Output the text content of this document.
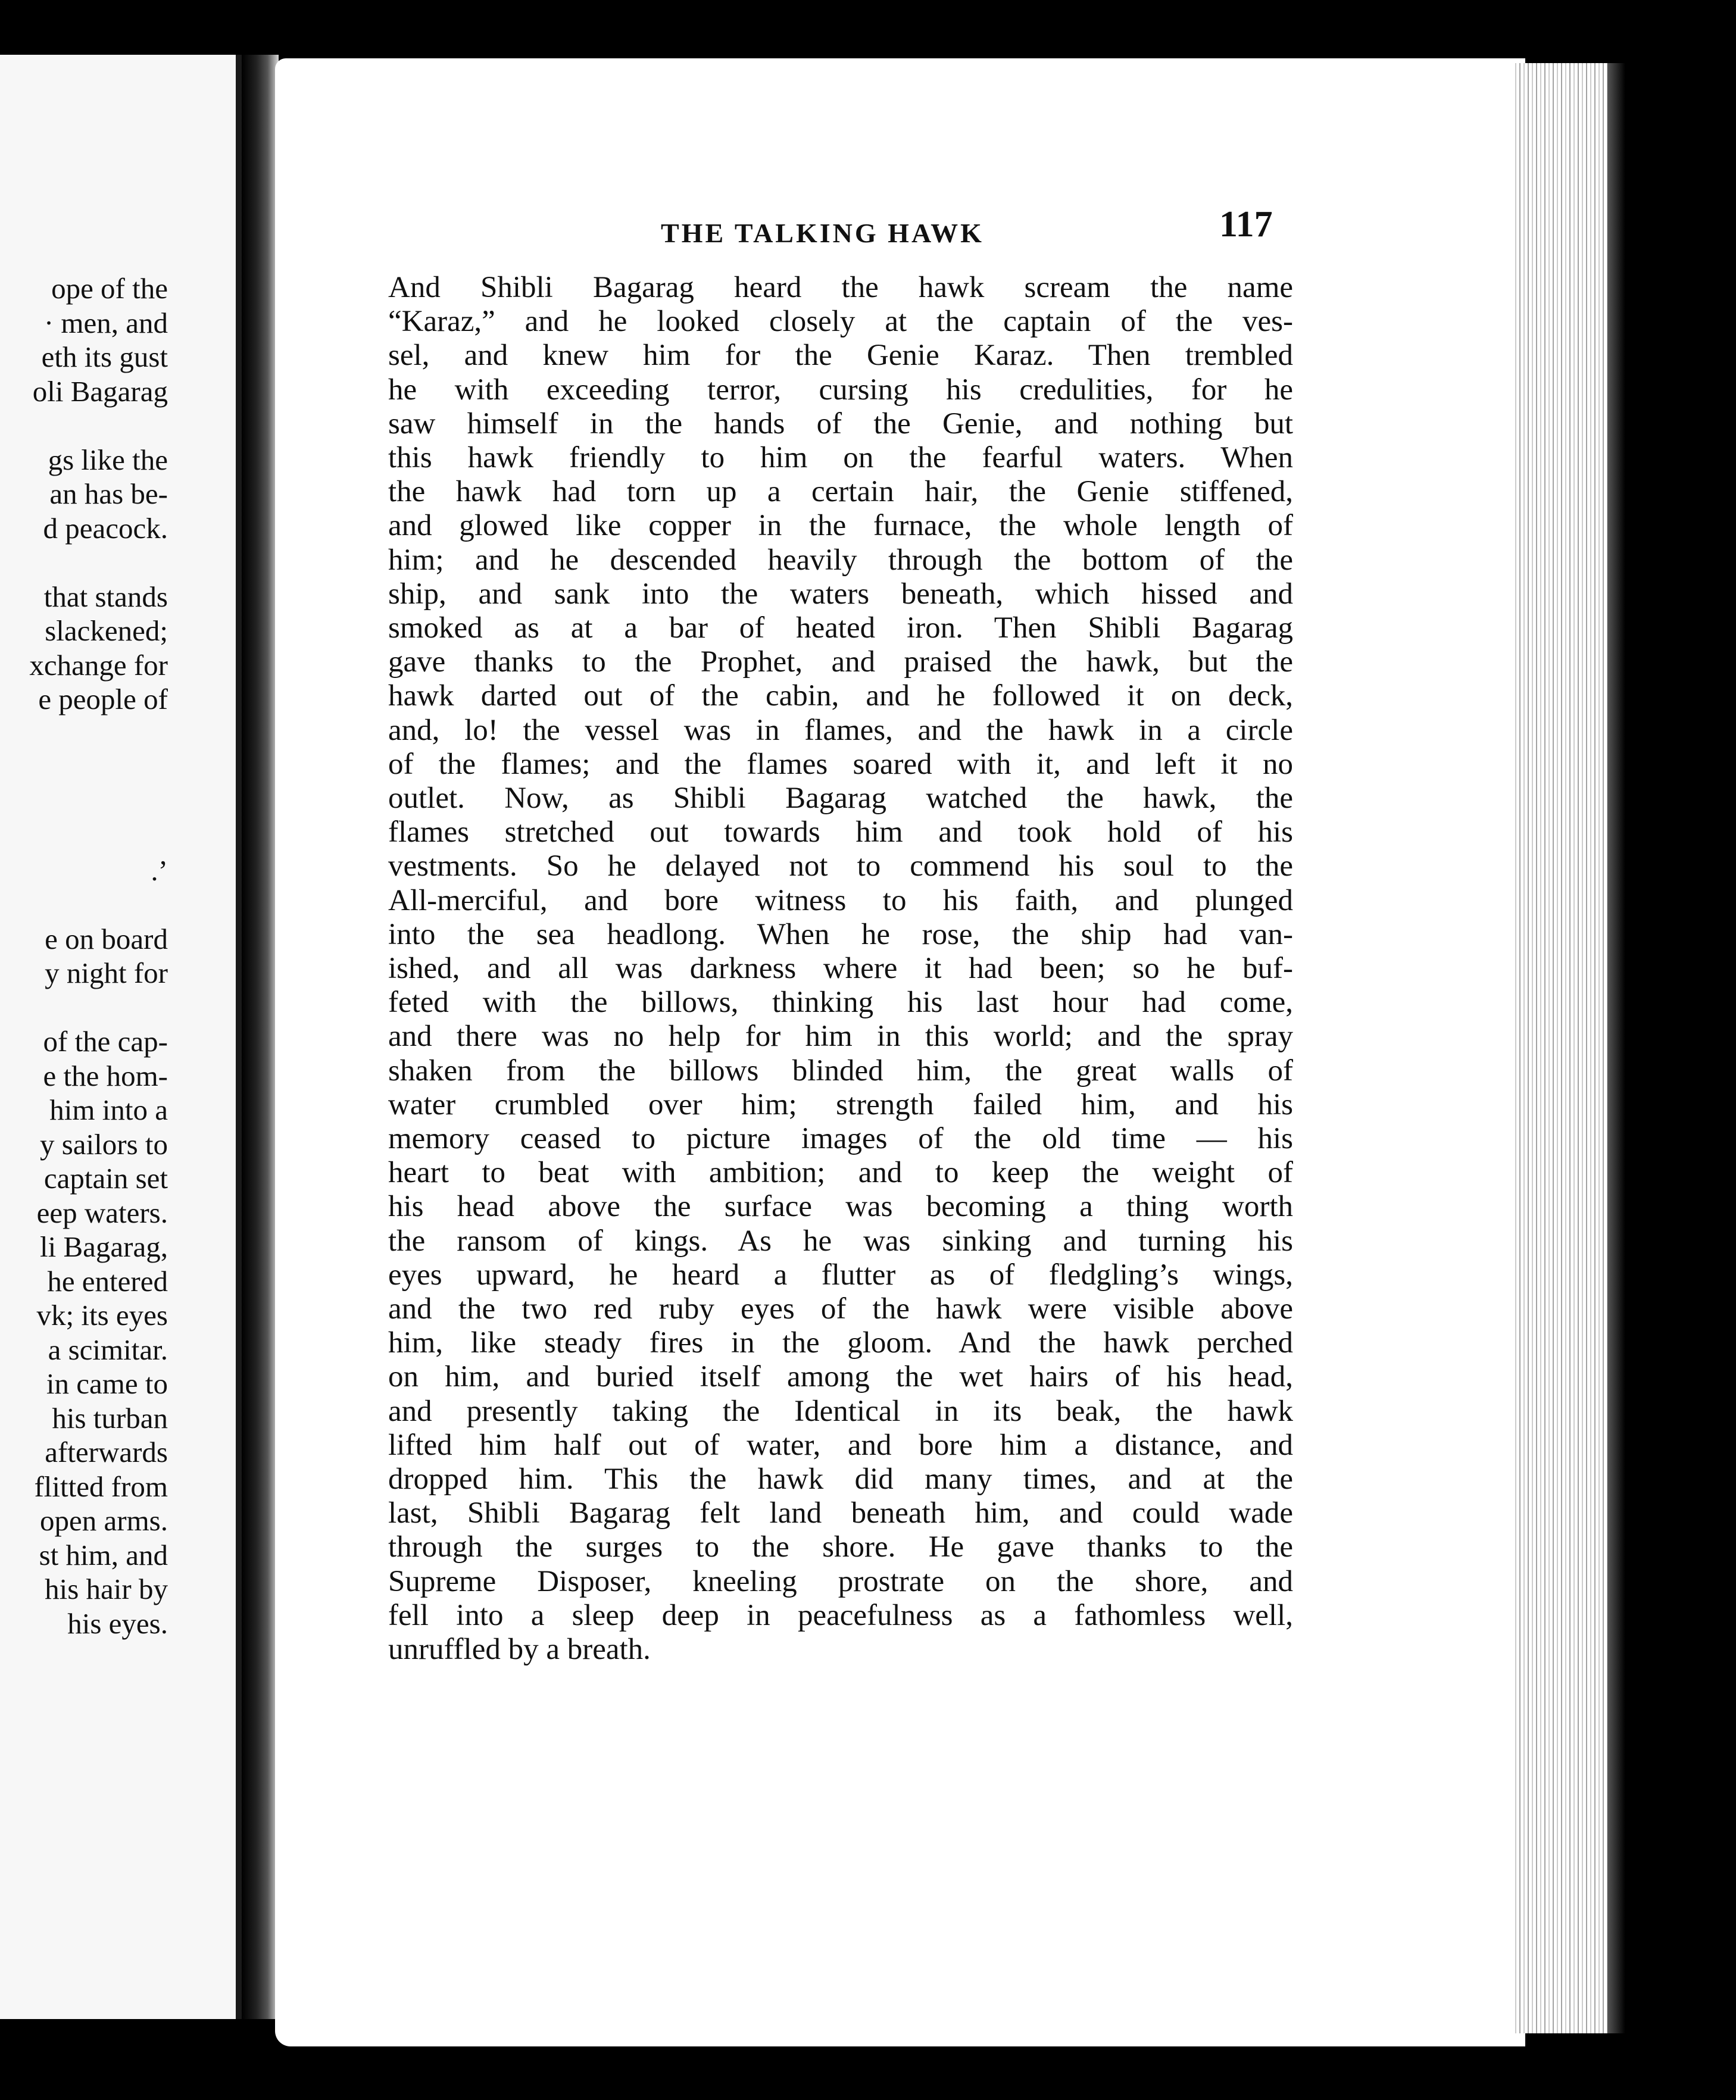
ope of the
· men, and
eth its gust
oli Bagarag
gs like the
an has be-
d peacock.
that stands
slackened;
xchange for
e people of
.’
e on board
y night for
of the cap-
e the hom-
him into a
y sailors to
captain set
eep waters.
li Bagarag,
he entered
vk; its eyes
a scimitar.
in came to
his turban
afterwards
flitted from
open arms.
st him, and
his hair by
his eyes.
THE TALKING HAWK	117
And Shibli Bagarag heard the hawk scream the name
“Karaz,” and he looked closely at the captain of the ves-
sel, and knew him for the Genie Karaz. Then trembled
he with exceeding terror, cursing his credulities, for he
saw himself in the hands of the Genie, and nothing but
this hawk friendly to him on the fearful waters. When
the hawk had torn up a certain hair, the Genie stiffened,
and glowed like copper in the furnace, the whole length of
him; and he descended heavily through the bottom of the
ship, and sank into the waters beneath, which hissed and
smoked as at a bar of heated iron. Then Shibli Bagarag
gave thanks to the Prophet, and praised the hawk, but the
hawk darted out of the cabin, and he followed it on deck,
and, lo! the vessel was in flames, and the hawk in a circle
of the flames; and the flames soared with it, and left it no
outlet. Now, as Shibli Bagarag watched the hawk, the
flames stretched out towards him and took hold of his
vestments. So he delayed not to commend his soul to the
All-merciful, and bore witness to his faith, and plunged
into the sea headlong. When he rose, the ship had van-
ished, and all was darkness where it had been; so he buf-
feted with the billows, thinking his last hour had come,
and there was no help for him in this world; and the spray
shaken from the billows blinded him, the great walls of
water crumbled over him; strength failed him, and his
memory ceased to picture images of the old time — his
heart to beat with ambition; and to keep the weight of
his head above the surface was becoming a thing worth
the ransom of kings. As he was sinking and turning his
eyes upward, he heard a flutter as of fledgling’s wings,
and the two red ruby eyes of the hawk were visible above
him, like steady fires in the gloom. And the hawk perched
on him, and buried itself among the wet hairs of his head,
and presently taking the Identical in its beak, the hawk
lifted him half out of water, and bore him a distance, and
dropped him. This the hawk did many times, and at the
last, Shibli Bagarag felt land beneath him, and could wade
through the surges to the shore. He gave thanks to the
Supreme Disposer, kneeling prostrate on the shore, and
fell into a sleep deep in peacefulness as a fathomless well,
unruffled by a breath.
